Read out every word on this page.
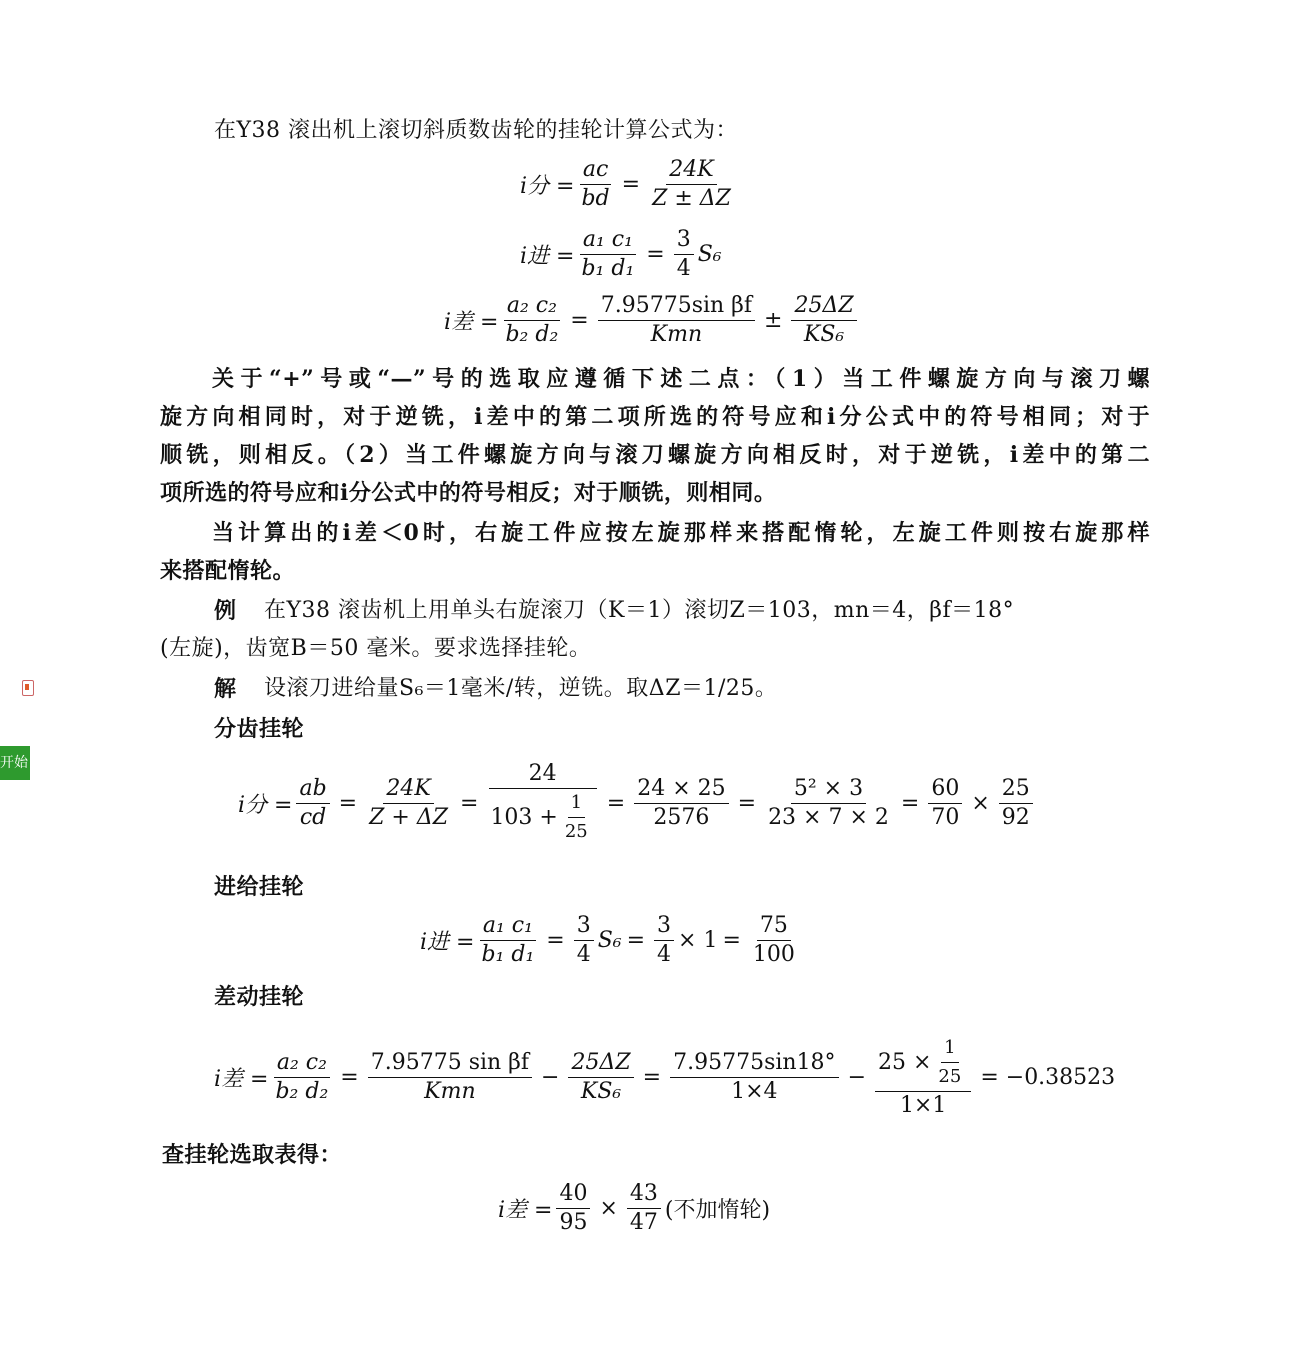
在Y38 滚出机上滚切斜质数齿轮的挂轮计算公式为：
i分 = $\frac{ac}{bd} = \frac{24K}{Z \pm \Delta Z}$
i进 = $\frac{\text{a₁ c₁}}{\text{b₁ d₁}} = \frac{3}{4} S_6$
i差 = $\frac{\text{a₂ c₂}}{\text{b₂ d₂}} = \frac{\text{7.95775sin βf}}{\text{Kmn}} \pm \frac{25\Delta Z}{\text{KS₆}}$
关于“+”号或“—”号的选取应遵循下述二点：（1）当工件螺旋方向与滚刀螺
旋方向相同时，对于逆铣，i差中的第二项所选的符号应和i分公式中的符号相同；对于
顺铣，则相反。（2）当工件螺旋方向与滚刀螺旋方向相反时，对于逆铣，i差中的第二
项所选的符号应和i分公式中的符号相反；对于顺铣，则相同。
当计算出的i差＜0时，右旋工件应按左旋那样来搭配惰轮，左旋工件则按右旋那样
来搭配惰轮。
例 在Y38 滚齿机上用单头右旋滚刀（K＝1）滚切Z＝103，mn＝4，βf＝18°
(左旋)，齿宽B＝50 毫米。要求选择挂轮。
解 设滚刀进给量S₆＝1毫米/转，逆铣。取ΔZ＝1/25。
分齿挂轮
i分 = $\frac{ab}{cd} = \frac{24K}{Z + \Delta Z} = \frac{24}{103 + \frac{1}{25}} = \frac{24 \times 25}{2576} = \frac{\text{5² × 3}}{23 \times 7 \times 2} = \frac{60}{70} \times \frac{25}{92}$
进给挂轮
i进 = $\frac{\text{a₁ c₁}}{\text{b₁ d₁}} = \frac{3}{4} S_6 = \frac{3}{4} \times 1 = \frac{75}{100}$
差动挂轮
i差 = $\frac{\text{a₂ c₂}}{\text{b₂ d₂}} = \frac{\text{7.95775 sin βf}}{\text{Kmn}} - \frac{25\Delta Z}{\text{KS₆}} = \frac{7.95775\sin 18^\circ}{1\times 4} - \frac{25 \times \frac{1}{25}}{1\times 1} = -0.38523$
查挂轮选取表得：
i差 = $\frac{40}{95} \times \frac{43}{47}$ (不加惰轮)
开始
